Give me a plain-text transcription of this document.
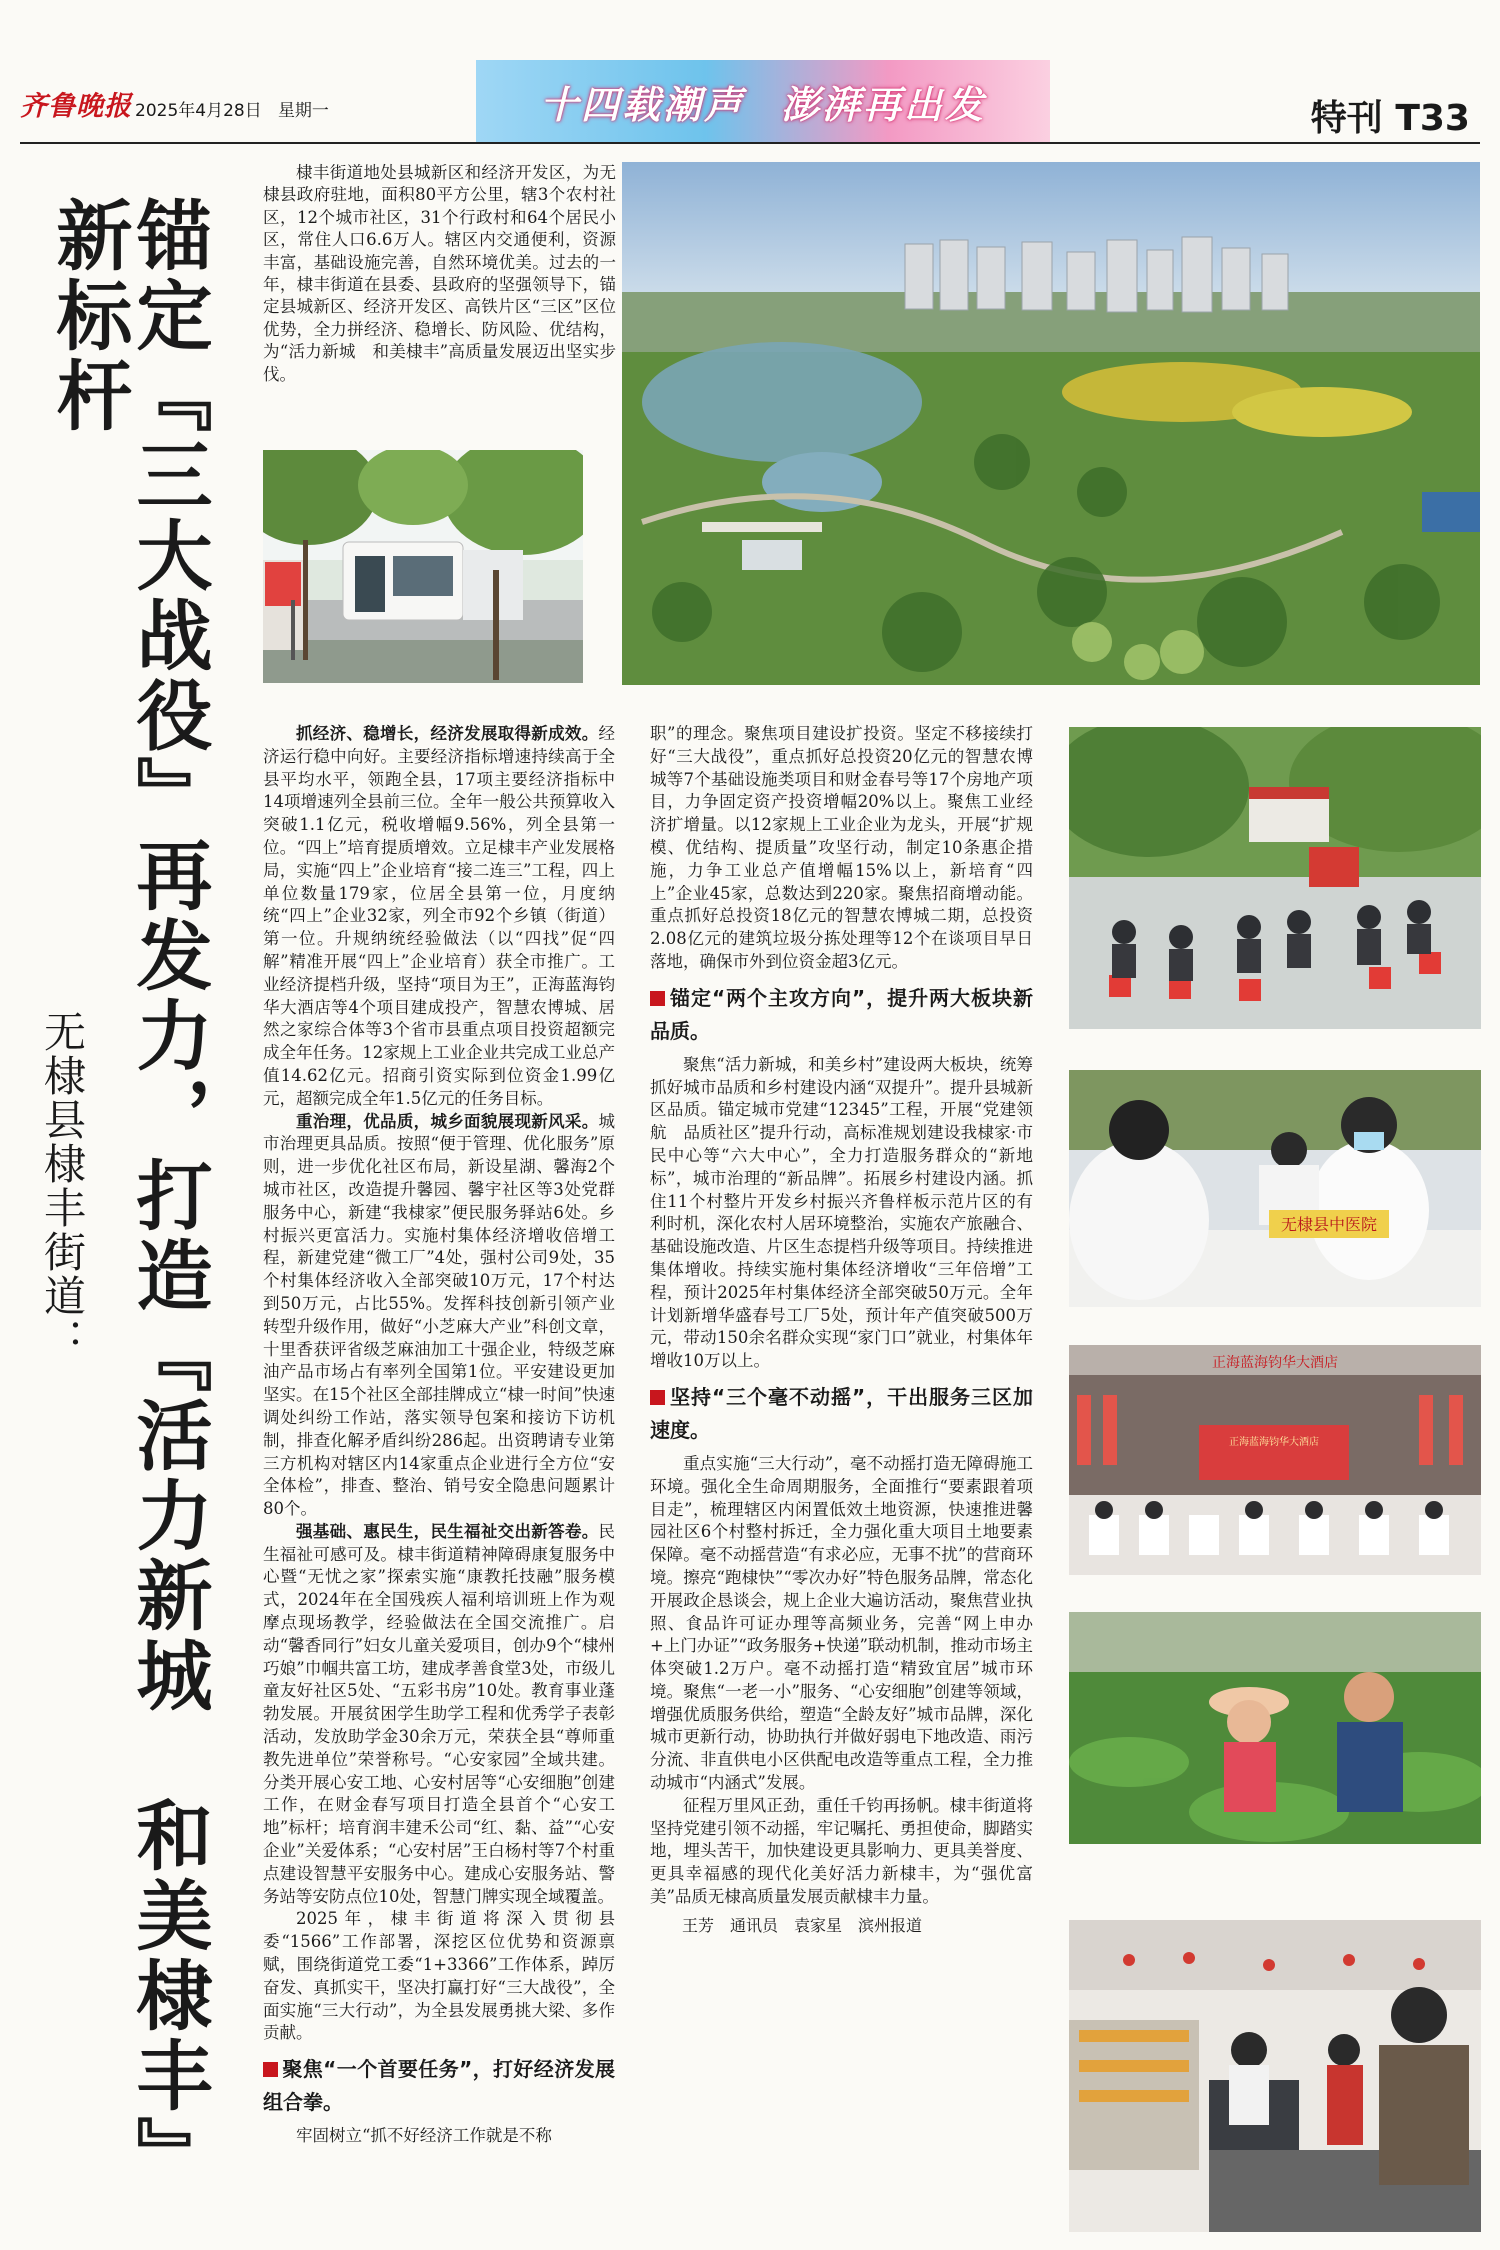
齐鲁晚报 2025年4月28日 星期一	十四载潮声 澎湃再出发	特刊 T33
锚定『三大战役』再发力，打造『活力新城　和美棣丰』新标杆
无棣县棣丰街道：
棣丰街道地处县城新区和经济开发区，为无棣县政府驻地，面积80平方公里，辖3个农村社区，12个城市社区，31个行政村和64个居民小区，常住人口6.6万人。辖区内交通便利，资源丰富，基础设施完善，自然环境优美。过去的一年，棣丰街道在县委、县政府的坚强领导下，锚定县城新区、经济开发区、高铁片区“三区”区位优势，全力拼经济、稳增长、防风险、优结构，为“活力新城　和美棣丰”高质量发展迈出坚实步伐。
无棣县中医院
正海蓝海钧华大酒店
正海蓝海钧华大酒店

抓经济、稳增长，经济发展取得新成效。经济运行稳中向好。主要经济指标增速持续高于全县平均水平，领跑全县，17项主要经济指标中14项增速列全县前三位。全年一般公共预算收入突破1.1亿元，税收增幅9.56%，列全县第一位。“四上”培育提质增效。立足棣丰产业发展格局，实施“四上”企业培育“接二连三”工程，四上单位数量179家，位居全县第一位，月度纳统“四上”企业32家，列全市92个乡镇（街道）第一位。升规纳统经验做法（以“四找”促“四解”精准开展“四上”企业培育）获全市推广。工业经济提档升级，坚持“项目为王”，正海蓝海钧华大酒店等4个项目建成投产，智慧农博城、居然之家综合体等3个省市县重点项目投资超额完成全年任务。12家规上工业企业共完成工业总产值14.62亿元。招商引资实际到位资金1.99亿元，超额完成全年1.5亿元的任务目标。

重治理，优品质，城乡面貌展现新风采。城市治理更具品质。按照“便于管理、优化服务”原则，进一步优化社区布局，新设星湖、馨海2个城市社区，改造提升馨园、馨宇社区等3处党群服务中心，新建“我棣家”便民服务驿站6处。乡村振兴更富活力。实施村集体经济增收倍增工程，新建党建“微工厂”4处，强村公司9处，35个村集体经济收入全部突破10万元，17个村达到50万元，占比55%。发挥科技创新引领产业转型升级作用，做好“小芝麻大产业”科创文章，十里香获评省级芝麻油加工十强企业，特级芝麻油产品市场占有率列全国第1位。平安建设更加坚实。在15个社区全部挂牌成立“棣一时间”快速调处纠纷工作站，落实领导包案和接访下访机制，排查化解矛盾纠纷286起。出资聘请专业第三方机构对辖区内14家重点企业进行全方位“安全体检”，排查、整治、销号安全隐患问题累计80个。

强基础、惠民生，民生福祉交出新答卷。民生福祉可感可及。棣丰街道精神障碍康复服务中心暨“无忧之家”探索实施“康教托技融”服务模式，2024年在全国残疾人福利培训班上作为观摩点现场教学，经验做法在全国交流推广。启动“馨香同行”妇女儿童关爱项目，创办9个“棣州巧娘”巾帼共富工坊，建成孝善食堂3处，市级儿童友好社区5处、“五彩书房”10处。教育事业蓬勃发展。开展贫困学生助学工程和优秀学子表彰活动，发放助学金30余万元，荣获全县“尊师重教先进单位”荣誉称号。“心安家园”全域共建。分类开展心安工地、心安村居等“心安细胞”创建工作，在财金春写项目打造全县首个“心安工地”标杆；培育润丰建禾公司“红、黏、益”“心安企业”关爱体系；“心安村居”王白杨村等7个村重点建设智慧平安服务中心。建成心安服务站、警务站等安防点位10处，智慧门牌实现全域覆盖。

2025年，棣丰街道将深入贯彻县委“1566”工作部署，深挖区位优势和资源禀赋，围绕街道党工委“1+3366”工作体系，踔厉奋发、真抓实干，坚决打赢打好“三大战役”，全面实施“三大行动”，为全县发展勇挑大梁、多作贡献。

聚焦“一个首要任务”，打好经济发展组合拳。

牢固树立“抓不好经济工作就是不称

职”的理念。聚焦项目建设扩投资。坚定不移接续打好“三大战役”，重点抓好总投资20亿元的智慧农博城等7个基础设施类项目和财金春号等17个房地产项目，力争固定资产投资增幅20%以上。聚焦工业经济扩增量。以12家规上工业企业为龙头，开展“扩规模、优结构、提质量”攻坚行动，制定10条惠企措施，力争工业总产值增幅15%以上，新培育“四上”企业45家，总数达到220家。聚焦招商增动能。重点抓好总投资18亿元的智慧农博城二期，总投资2.08亿元的建筑垃圾分拣处理等12个在谈项目早日落地，确保市外到位资金超3亿元。

锚定“两个主攻方向”，提升两大板块新品质。

聚焦“活力新城，和美乡村”建设两大板块，统筹抓好城市品质和乡村建设内涵“双提升”。提升县城新区品质。锚定城市党建“12345”工程，开展“党建领航　品质社区”提升行动，高标准规划建设我棣家·市民中心等“六大中心”，全力打造服务群众的“新地标”，城市治理的“新品牌”。拓展乡村建设内涵。抓住11个村整片开发乡村振兴齐鲁样板示范片区的有利时机，深化农村人居环境整治，实施农产旅融合、基础设施改造、片区生态提档升级等项目。持续推进集体增收。持续实施村集体经济增收“三年倍增”工程，预计2025年村集体经济全部突破50万元。全年计划新增华盛春号工厂5处，预计年产值突破500万元，带动150余名群众实现“家门口”就业，村集体年增收10万以上。

坚持“三个毫不动摇”，干出服务三区加速度。

重点实施“三大行动”，毫不动摇打造无障碍施工环境。强化全生命周期服务，全面推行“要素跟着项目走”，梳理辖区内闲置低效土地资源，快速推进馨园社区6个村整村拆迁，全力强化重大项目土地要素保障。毫不动摇营造“有求必应，无事不扰”的营商环境。擦亮“跑棣快”“零次办好”特色服务品牌，常态化开展政企恳谈会，规上企业大遍访活动，聚焦营业执照、食品许可证办理等高频业务，完善“网上申办+上门办证”“政务服务+快递”联动机制，推动市场主体突破1.2万户。毫不动摇打造“精致宜居”城市环境。聚焦“一老一小”服务、“心安细胞”创建等领域，增强优质服务供给，塑造“全龄友好”城市品牌，深化城市更新行动，协助执行并做好弱电下地改造、雨污分流、非直供电小区供配电改造等重点工程，全力推动城市“内涵式”发展。

征程万里风正劲，重任千钧再扬帆。棣丰街道将坚持党建引领不动摇，牢记嘱托、勇担使命，脚踏实地，埋头苦干，加快建设更具影响力、更具美誉度、更具幸福感的现代化美好活力新棣丰，为“强优富美”品质无棣高质量发展贡献棣丰力量。

王芳　通讯员　袁家星　滨州报道
